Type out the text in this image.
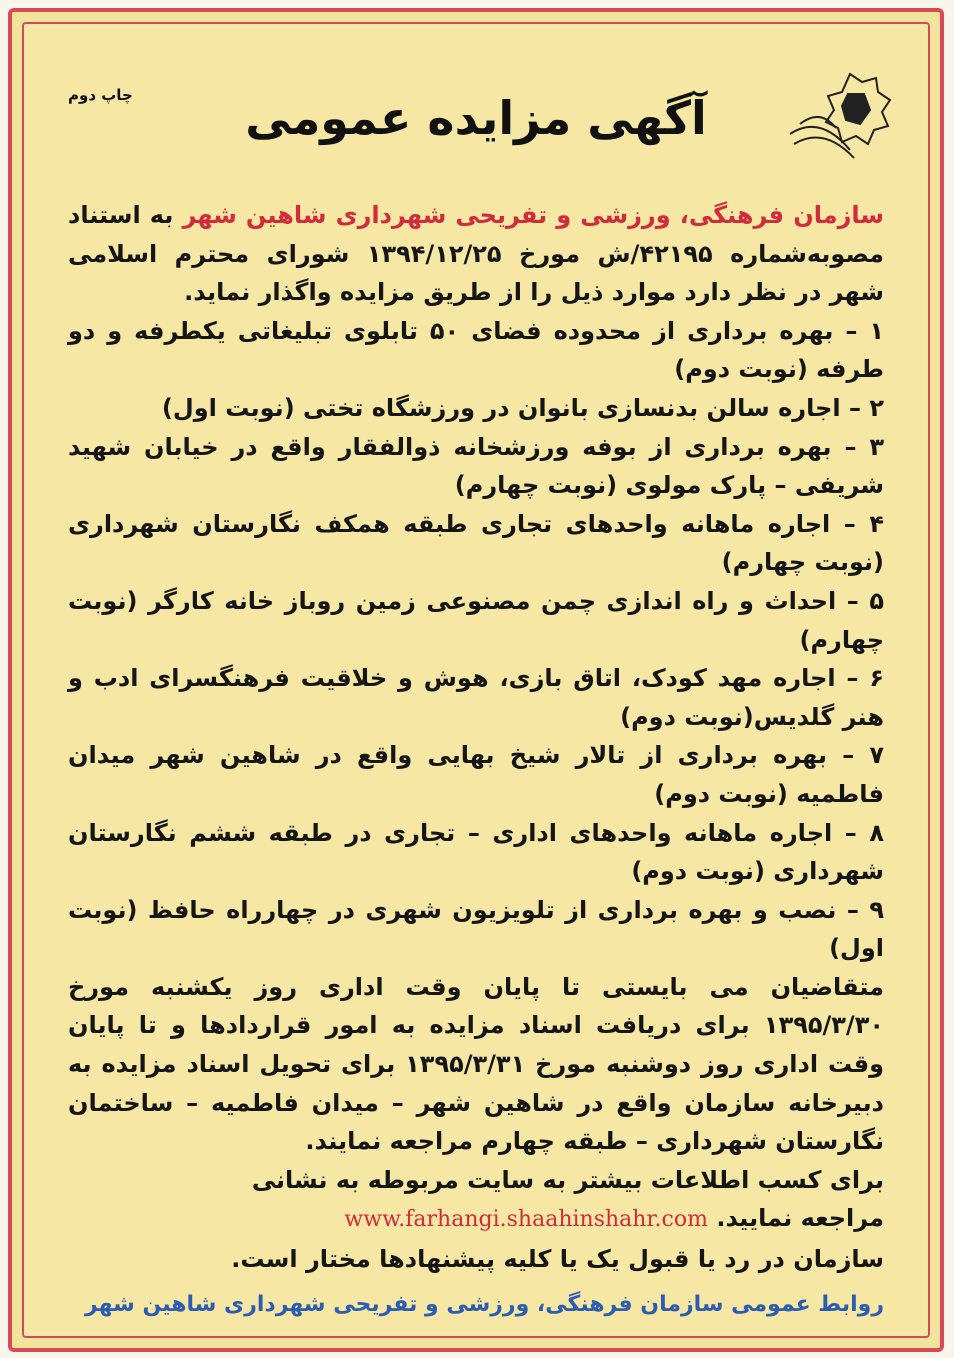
چاپ دوم	آگهی مزایده عمومی

سازمان فرهنگی، ورزشی و تفریحی شهرداری شاهین شهر به استناد مصوبه‌شماره ۴۲۱۹۵/ش مورخ ۱۳۹۴/۱۲/۲۵ شورای محترم اسلامی شهر در نظر دارد موارد ذیل را از طریق مزایده واگذار نماید.

۱ – بهره برداری از محدوده فضای ۵۰ تابلوی تبلیغاتی یکطرفه و دو طرفه (نوبت دوم)

۲ – اجاره سالن بدنسازی بانوان در ورزشگاه تختی (نوبت اول)

۳ – بهره برداری از بوفه ورزشخانه ذوالفقار واقع در خیابان شهید شریفی – پارک مولوی (نوبت چهارم)

۴ – اجاره ماهانه واحدهای تجاری طبقه همکف نگارستان شهرداری (نوبت چهارم)

۵ – احداث و راه اندازی چمن مصنوعی زمین روباز خانه کارگر (نوبت چهارم)

۶ – اجاره مهد کودک، اتاق بازی، هوش و خلاقیت فرهنگسرای ادب و هنر گلدیس(نوبت دوم)

۷ – بهره برداری از تالار شیخ بهایی واقع در شاهین شهر میدان فاطمیه (نوبت دوم)

۸ – اجاره ماهانه واحدهای اداری – تجاری در طبقه ششم نگارستان شهرداری (نوبت دوم)

۹ – نصب و بهره برداری از تلویزیون شهری در چهارراه حافظ (نوبت اول)

متقاضیان می بایستی تا پایان وقت اداری روز یکشنبه مورخ ۱۳۹۵/۳/۳۰ برای دریافت اسناد مزایده به امور قراردادها و تا پایان وقت اداری روز دوشنبه مورخ ۱۳۹۵/۳/۳۱ برای تحویل اسناد مزایده به دبیرخانه سازمان واقع در شاهین شهر – میدان فاطمیه – ساختمان نگارستان شهرداری – طبقه چهارم مراجعه نمایند.

برای کسب اطلاعات بیشتر به سایت مربوطه به نشانی

مراجعه نمایید. www.farhangi.shaahinshahr.com

سازمان در رد یا قبول یک یا کلیه پیشنهادها مختار است.

روابط عمومی سازمان فرهنگی، ورزشی و تفریحی شهرداری شاهین شهر
